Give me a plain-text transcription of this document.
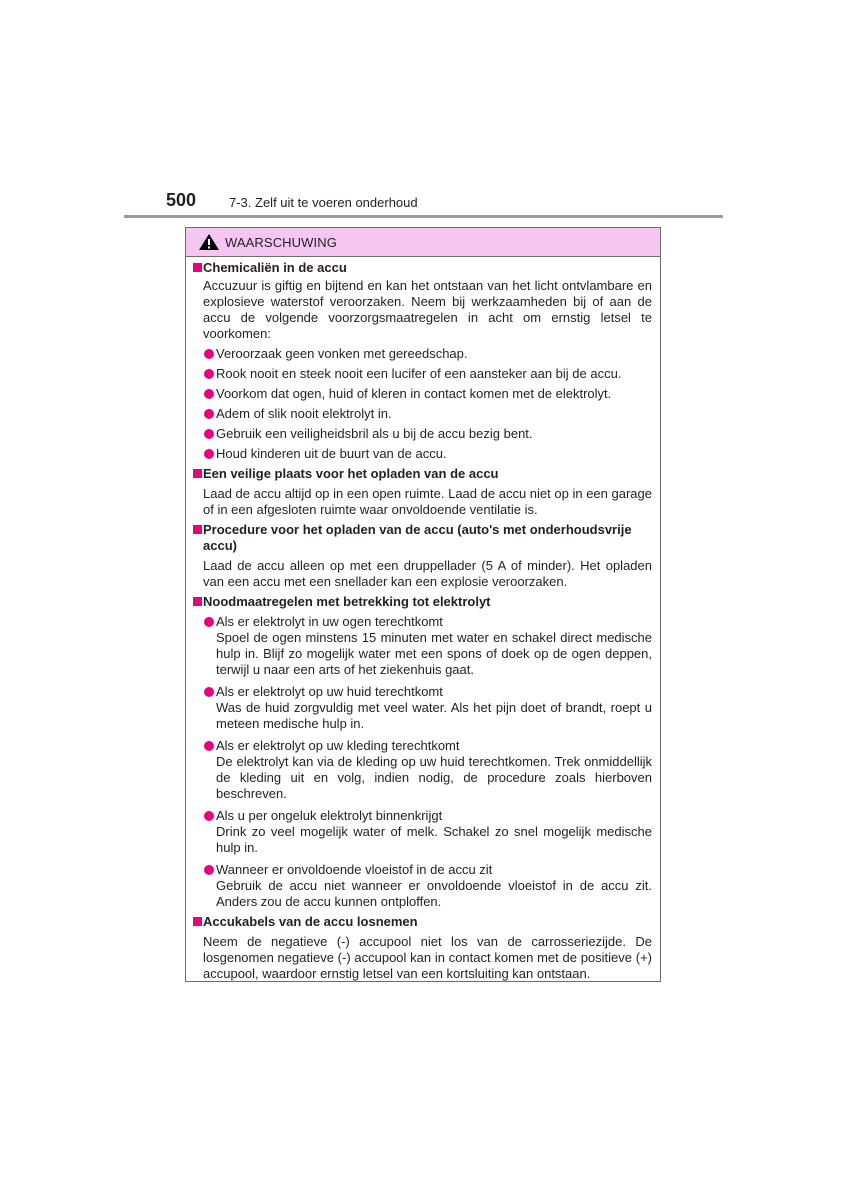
500	7-3. Zelf uit te voeren onderhoud
WAARSCHUWING
Chemicaliën in de accu
Accuzuur is giftig en bijtend en kan het ontstaan van het licht ontvlambare en explosieve waterstof veroorzaken. Neem bij werkzaamheden bij of aan de accu de volgende voorzorgsmaatregelen in acht om ernstig letsel te voorkomen:
Veroorzaak geen vonken met gereedschap.
Rook nooit en steek nooit een lucifer of een aansteker aan bij de accu.
Voorkom dat ogen, huid of kleren in contact komen met de elektrolyt.
Adem of slik nooit elektrolyt in.
Gebruik een veiligheidsbril als u bij de accu bezig bent.
Houd kinderen uit de buurt van de accu.
Een veilige plaats voor het opladen van de accu
Laad de accu altijd op in een open ruimte. Laad de accu niet op in een garage of in een afgesloten ruimte waar onvoldoende ventilatie is.
Procedure voor het opladen van de accu (auto's met onderhoudsvrije accu)
Laad de accu alleen op met een druppellader (5 A of minder). Het opladen van een accu met een snellader kan een explosie veroorzaken.
Noodmaatregelen met betrekking tot elektrolyt
Als er elektrolyt in uw ogen terechtkomt
Spoel de ogen minstens 15 minuten met water en schakel direct medische hulp in. Blijf zo mogelijk water met een spons of doek op de ogen deppen, terwijl u naar een arts of het ziekenhuis gaat.
Als er elektrolyt op uw huid terechtkomt
Was de huid zorgvuldig met veel water. Als het pijn doet of brandt, roept u meteen medische hulp in.
Als er elektrolyt op uw kleding terechtkomt
De elektrolyt kan via de kleding op uw huid terechtkomen. Trek onmiddellijk de kleding uit en volg, indien nodig, de procedure zoals hierboven beschreven.
Als u per ongeluk elektrolyt binnenkrijgt
Drink zo veel mogelijk water of melk. Schakel zo snel mogelijk medische hulp in.
Wanneer er onvoldoende vloeistof in de accu zit
Gebruik de accu niet wanneer er onvoldoende vloeistof in de accu zit. Anders zou de accu kunnen ontploffen.
Accukabels van de accu losnemen
Neem de negatieve (-) accupool niet los van de carrosseriezijde. De losgenomen negatieve (-) accupool kan in contact komen met de positieve (+) accupool, waardoor ernstig letsel van een kortsluiting kan ontstaan.
